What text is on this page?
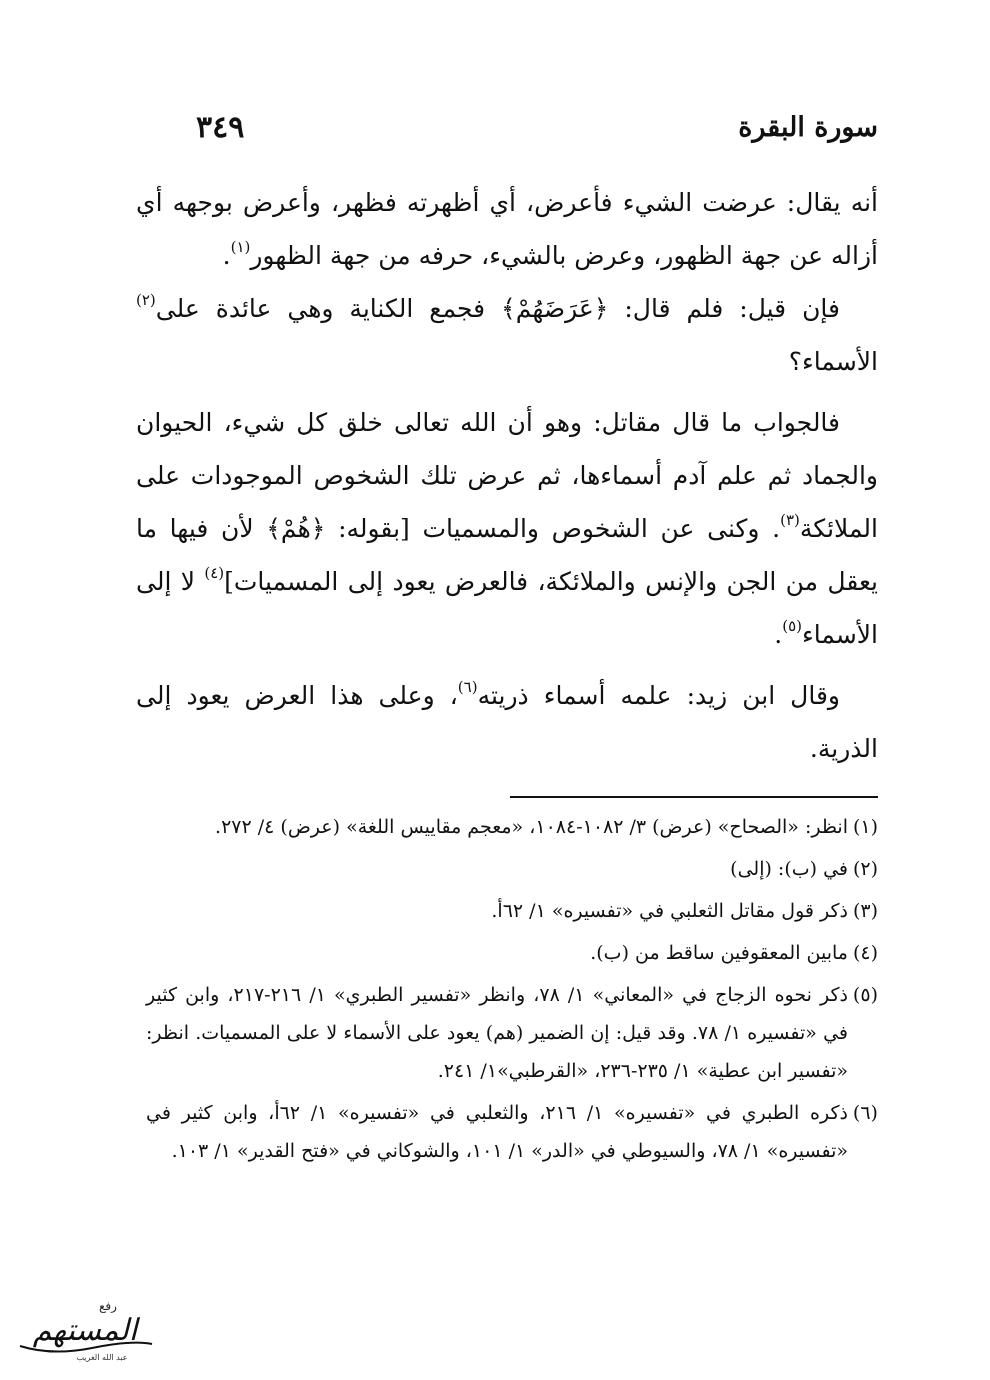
سورة البقرة
٣٤٩

أنه يقال: عرضت الشيء فأعرض، أي أظهرته فظهر، وأعرض بوجهه أي أزاله عن جهة الظهور، وعرض بالشيء، حرفه من جهة الظهور$^{(١)}$.

فإن قيل: فلم قال: ﴿عَرَضَهُمْ﴾ فجمع الكناية وهي عائدة على$^{(٢)}$ الأسماء؟

فالجواب ما قال مقاتل: وهو أن الله تعالى خلق كل شيء، الحيوان والجماد ثم علم آدم أسماءها، ثم عرض تلك الشخوص الموجودات على الملائكة$^{(٣)}$. وكنى عن الشخوص والمسميات [بقوله: ﴿هُمْ﴾ لأن فيها ما يعقل من الجن والإنس والملائكة، فالعرض يعود إلى المسميات]$^{(٤)}$ لا إلى الأسماء$^{(٥)}$.

وقال ابن زيد: علمه أسماء ذريته$^{(٦)}$، وعلى هذا العرض يعود إلى الذرية.

(١)انظر: «الصحاح» (عرض) ٣/ ١٠٨٢-١٠٨٤، «معجم مقاييس اللغة» (عرض) ٤/ ٢٧٢.

(٢)في (ب): (إلى)

(٣)ذكر قول مقاتل الثعلبي في «تفسيره» ١/ ٦٢أ.

(٤)مابين المعقوفين ساقط من (ب).

(٥)ذكر نحوه الزجاج في «المعاني» ١/ ٧٨، وانظر «تفسير الطبري» ١/ ٢١٦-٢١٧، وابن كثير في «تفسيره ١/ ٧٨. وقد قيل: إن الضمير (هم) يعود على الأسماء لا على المسميات. انظر: «تفسير ابن عطية» ١/ ٢٣٥-٢٣٦، «القرطبي»١/ ٢٤١.

(٦)ذكره الطبري في «تفسيره» ١/ ٢١٦، والثعلبي في «تفسيره» ١/ ٦٢أ، وابن كثير في «تفسيره» ١/ ٧٨، والسيوطي في «الدر» ١/ ١٠١، والشوكاني في «فتح القدير» ١/ ١٠٣.

رفع
المستهم
عبد الله الغريب
